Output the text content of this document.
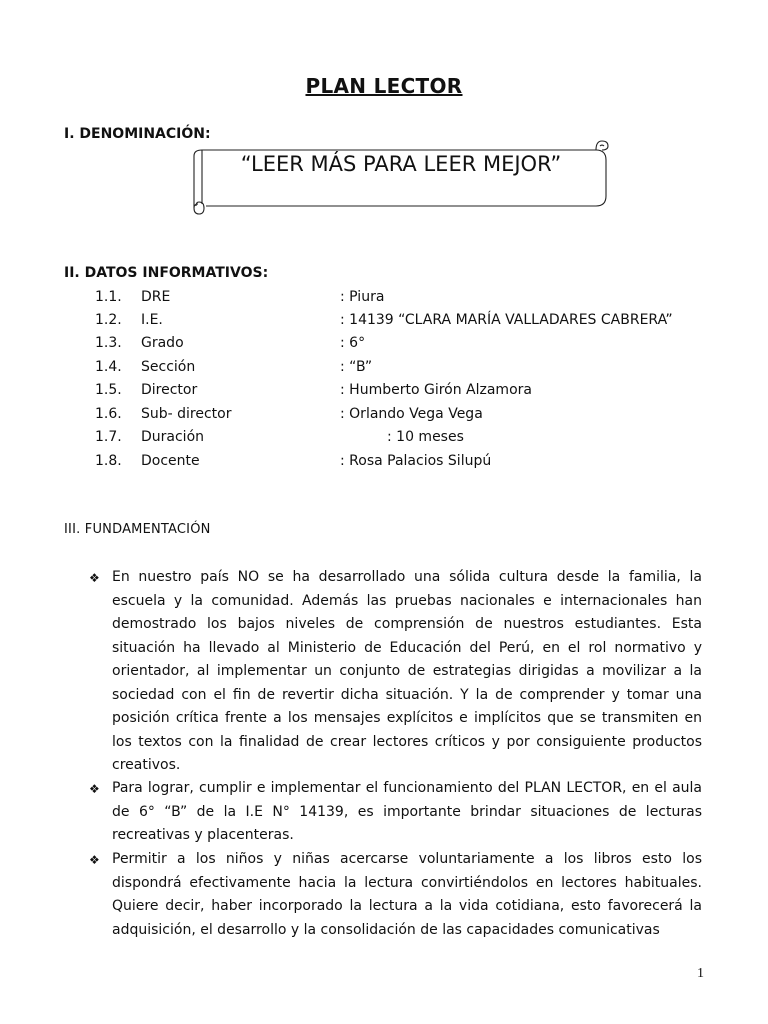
PLAN LECTOR
I. DENOMINACIÓN:
“LEER MÁS PARA LEER MEJOR”
II. DATOS INFORMATIVOS:
1.1. DRE	: Piura
1.2. I.E.	: 14139 “CLARA MARÍA VALLADARES CABRERA”
1.3. Grado	: 6°
1.4. Sección	: “B”
1.5. Director	: Humberto Girón Alzamora
1.6. Sub- director	: Orlando Vega Vega
1.7. Duración	: 10 meses
1.8. Docente	: Rosa Palacios Silupú
III. FUNDAMENTACIÓN
❖ En nuestro país NO se ha desarrollado una sólida cultura desde la familia, la escuela y la comunidad. Además las pruebas nacionales e internacionales han demostrado los bajos niveles de comprensión de nuestros estudiantes. Esta situación ha llevado al Ministerio de Educación del Perú, en el rol normativo y orientador, al implementar un conjunto de estrategias dirigidas a movilizar a la sociedad con el fin de revertir dicha situación. Y la de comprender y tomar una posición crítica frente a los mensajes explícitos e implícitos que se transmiten en los textos con la finalidad de crear lectores críticos y por consiguiente productos creativos.
❖ Para lograr, cumplir e implementar el funcionamiento del PLAN LECTOR, en el aula de 6° “B” de la I.E N° 14139, es importante brindar situaciones de lecturas recreativas y placenteras.
❖ Permitir a los niños y niñas acercarse voluntariamente a los libros esto los dispondrá efectivamente hacia la lectura convirtiéndolos en lectores habituales. Quiere decir, haber incorporado la lectura a la vida cotidiana, esto favorecerá la adquisición, el desarrollo y la consolidación de las capacidades comunicativas
1
